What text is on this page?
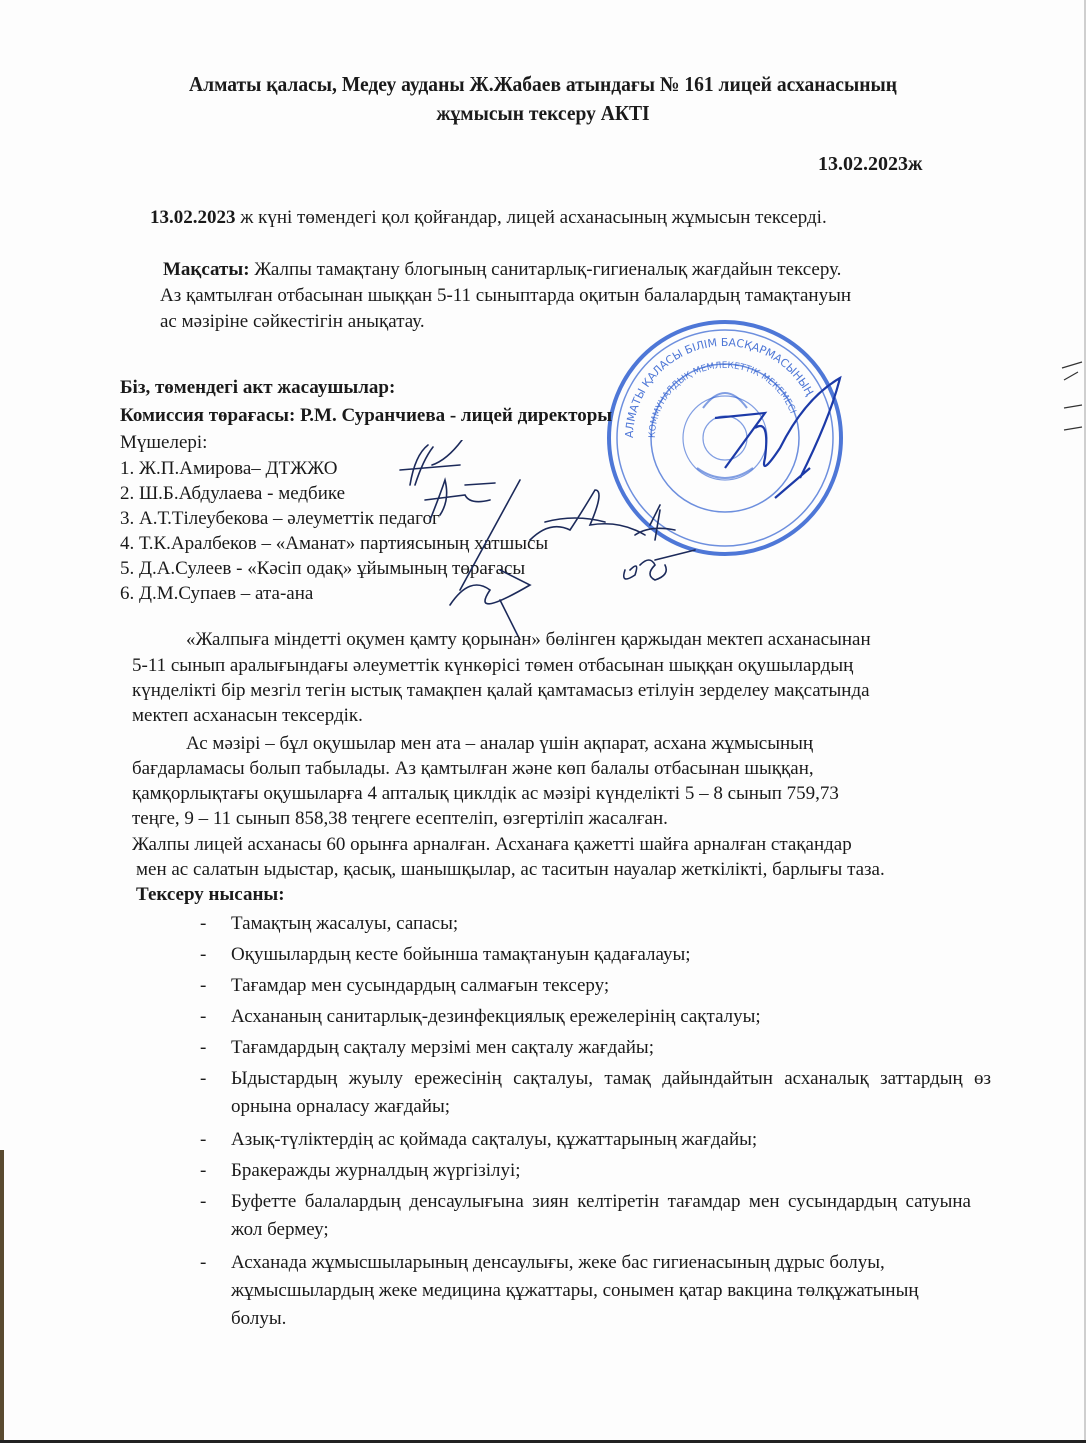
Алматы қаласы, Медеу ауданы Ж.Жабаев атындағы № 161 лицей асханасының
жұмысын тексеру АКТІ
13.02.2023ж
13.02.2023 ж күні төмендегі қол қойғандар, лицей асханасының жұмысын тексерді.
Мақсаты: Жалпы тамақтану блогының санитарлық-гигиеналық жағдайын тексеру.
Аз қамтылған отбасынан шыққан 5-11 сыныптарда оқитын балалардың тамақтануын
ас мәзіріне сәйкестігін анықатау.
АЛМАТЫ ҚАЛАСЫ БІЛІМ БАСҚАРМАСЫНЫҢ
КОММУНАЛДЫҚ МЕМЛЕКЕТТІК МЕКЕМЕСІ
Біз, төмендегі акт жасаушылар:
Комиссия төрағасы: Р.М. Суранчиева - лицей директоры
Мүшелері:
1. Ж.П.Амирова– ДТЖЖО
2. Ш.Б.Абдулаева - медбике
3. А.Т.Тілеубекова – әлеуметтік педагог
4. Т.К.Аралбеков – «Аманат» партиясының хатшысы
5. Д.А.Сулеев - «Кәсіп одақ» ұйымының төрағасы
6. Д.М.Супаев – ата-ана
«Жалпыға міндетті оқумен қамту қорынан» бөлінген қаржыдан мектеп асханасынан
5-11 сынып аралығындағы әлеуметтік күнкөрісі төмен отбасынан шыққан оқушылардың
күнделікті бір мезгіл тегін ыстық тамақпен қалай қамтамасыз етілуін зерделеу мақсатында
мектеп асханасын тексердік.
Ас мәзірі – бұл оқушылар мен ата – аналар үшін ақпарат, асхана жұмысының
бағдарламасы болып табылады. Аз қамтылған және көп балалы отбасынан шыққан,
қамқорлықтағы оқушыларға 4 апталық циклдік ас мәзірі күнделікті 5 – 8 сынып 759,73
теңге, 9 – 11 сынып 858,38 теңгеге есептеліп, өзгертіліп жасалған.
Жалпы лицей асханасы 60 орынға арналған. Асханаға қажетті шайға арналған стақандар
мен ас салатын ыдыстар, қасық, шанышқылар, ас таситын науалар жеткілікті, барлығы таза.
Тексеру нысаны:
- Тамақтың жасалуы, сапасы;
- Оқушылардың кесте бойынша тамақтануын қадағалауы;
- Тағамдар мен сусындардың салмағын тексеру;
- Асхананың санитарлық-дезинфекциялық ережелерінің сақталуы;
- Тағамдардың сақталу мерзімі мен сақталу жағдайы;
- Ыдыстардың жуылу ережесінің сақталуы, тамақ дайындайтын асханалық заттардың өз орнына орналасу жағдайы;
- Азық-түліктердің ас қоймада сақталуы, құжаттарының жағдайы;
- Бракеражды журналдың жүргізілуі;
- Буфетте балалардың денсаулығына зиян келтіретін тағамдар мен сусындардың сатуына жол бермеу;
- Асханада жұмысшыларының денсаулығы, жеке бас гигиенасының дұрыс болуы, жұмысшылардың жеке медицина құжаттары, сонымен қатар вакцина төлқұжатының болуы.
